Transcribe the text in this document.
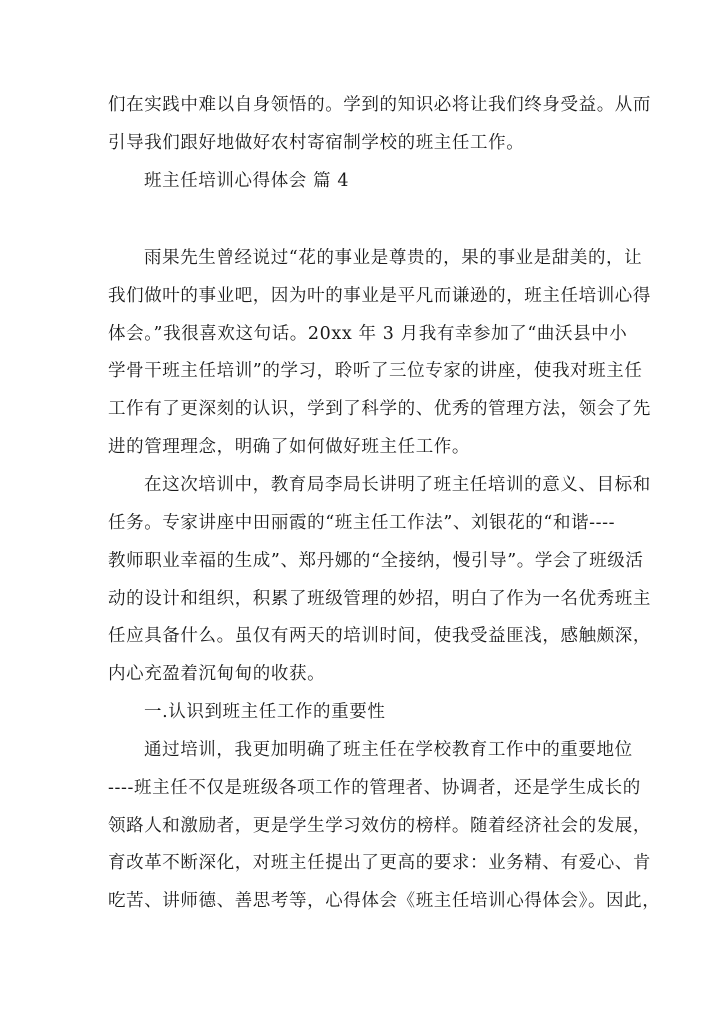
们在实践中难以自身领悟的。学到的知识必将让我们终身受益。从而
引导我们跟好地做好农村寄宿制学校的班主任工作。
班主任培训心得体会 篇 4
雨果先生曾经说过“花的事业是尊贵的，果的事业是甜美的，让
我们做叶的事业吧，因为叶的事业是平凡而谦逊的，班主任培训心得
体会。”我很喜欢这句话。20xx 年 3 月我有幸参加了“曲沃县中小
学骨干班主任培训”的学习，聆听了三位专家的讲座，使我对班主任
工作有了更深刻的认识，学到了科学的、优秀的管理方法，领会了先
进的管理理念，明确了如何做好班主任工作。
在这次培训中，教育局李局长讲明了班主任培训的意义、目标和
任务。专家讲座中田丽霞的“班主任工作法”、刘银花的“和谐----
教师职业幸福的生成”、郑丹娜的“全接纳，慢引导”。学会了班级活
动的设计和组织，积累了班级管理的妙招，明白了作为一名优秀班主
任应具备什么。虽仅有两天的培训时间，使我受益匪浅，感触颇深，
内心充盈着沉甸甸的收获。
一.认识到班主任工作的重要性
通过培训，我更加明确了班主任在学校教育工作中的重要地位
----班主任不仅是班级各项工作的管理者、协调者，还是学生成长的
领路人和激励者，更是学生学习效仿的榜样。随着经济社会的发展，
育改革不断深化，对班主任提出了更高的要求：业务精、有爱心、肯
吃苦、讲师德、善思考等，心得体会《班主任培训心得体会》。因此，
